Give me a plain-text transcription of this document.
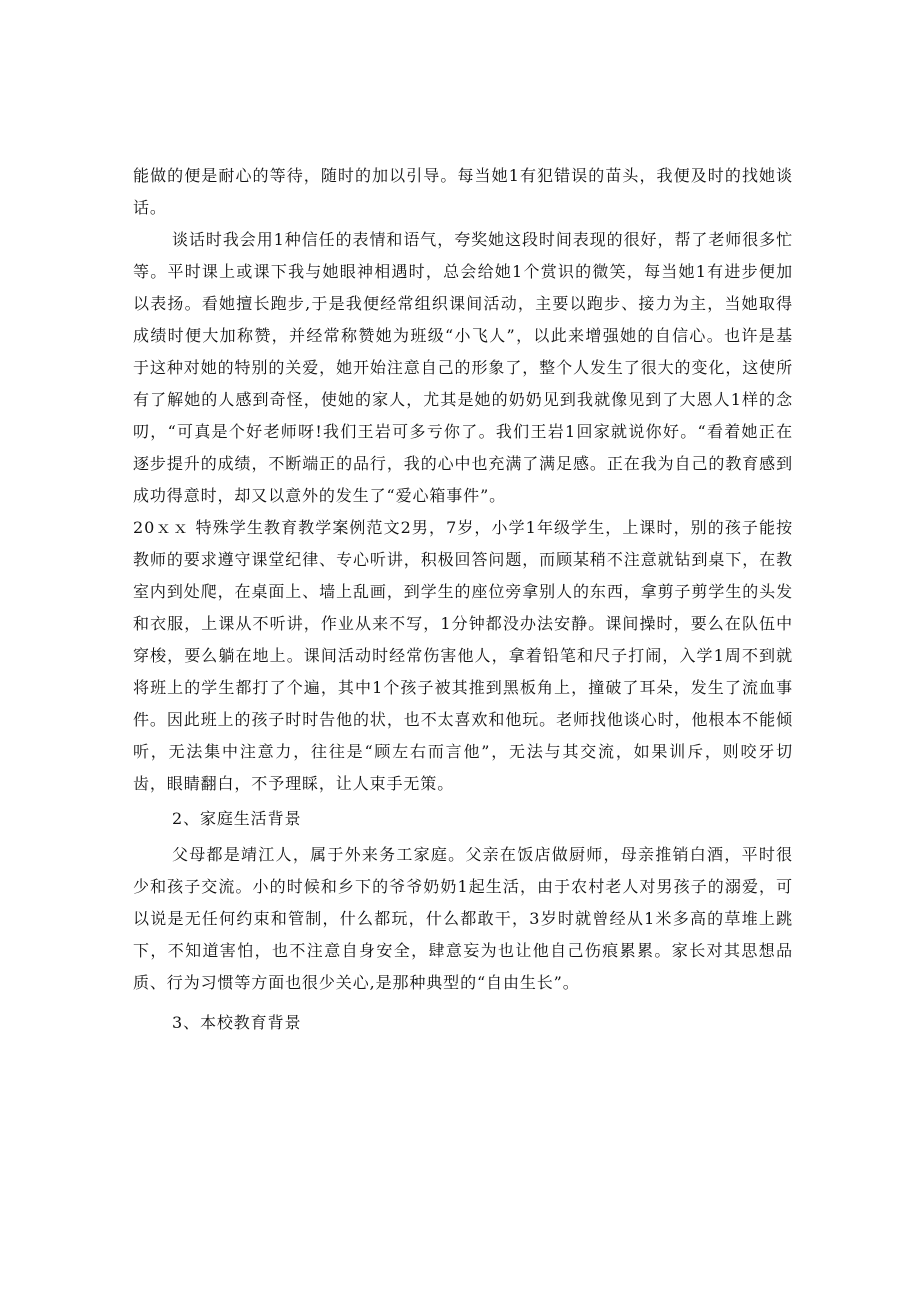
能做的便是耐心的等待，随时的加以引导。每当她1有犯错误的苗头，我便及时的找她谈话。

谈话时我会用1种信任的表情和语气，夸奖她这段时间表现的很好，帮了老师很多忙等。平时课上或课下我与她眼神相遇时，总会给她1个赏识的微笑，每当她1有进步便加以表扬。看她擅长跑步,于是我便经常组织课间活动，主要以跑步、接力为主，当她取得成绩时便大加称赞，并经常称赞她为班级“小飞人”，以此来增强她的自信心。也许是基于这种对她的特别的关爱，她开始注意自己的形象了，整个人发生了很大的变化，这使所有了解她的人感到奇怪，使她的家人，尤其是她的奶奶见到我就像见到了大恩人1样的念叨，“可真是个好老师呀!我们王岩可多亏你了。我们王岩1回家就说你好。“看着她正在逐步提升的成绩，不断端正的品行，我的心中也充满了满足感。正在我为自己的教育感到成功得意时，却又以意外的发生了“爱心箱事件”。

20ｘｘ 特殊学生教育教学案例范文2男，7岁，小学1年级学生，上课时，别的孩子能按教师的要求遵守课堂纪律、专心听讲，积极回答问题，而顾某稍不注意就钻到桌下，在教室内到处爬，在桌面上、墙上乱画，到学生的座位旁拿别人的东西，拿剪子剪学生的头发和衣服，上课从不听讲，作业从来不写，1分钟都没办法安静。课间操时，要么在队伍中穿梭，要么躺在地上。课间活动时经常伤害他人，拿着铅笔和尺子打闹，入学1周不到就将班上的学生都打了个遍，其中1个孩子被其推到黑板角上，撞破了耳朵，发生了流血事件。因此班上的孩子时时告他的状，也不太喜欢和他玩。老师找他谈心时，他根本不能倾听，无法集中注意力，往往是“顾左右而言他”，无法与其交流，如果训斥，则咬牙切齿，眼睛翻白，不予理睬，让人束手无策。

2、家庭生活背景

父母都是靖江人，属于外来务工家庭。父亲在饭店做厨师，母亲推销白酒，平时很少和孩子交流。小的时候和乡下的爷爷奶奶1起生活，由于农村老人对男孩子的溺爱，可以说是无任何约束和管制，什么都玩，什么都敢干，3岁时就曾经从1米多高的草堆上跳下，不知道害怕，也不注意自身安全，肆意妄为也让他自己伤痕累累。家长对其思想品质、行为习惯等方面也很少关心,是那种典型的“自由生长”。

3、本校教育背景
